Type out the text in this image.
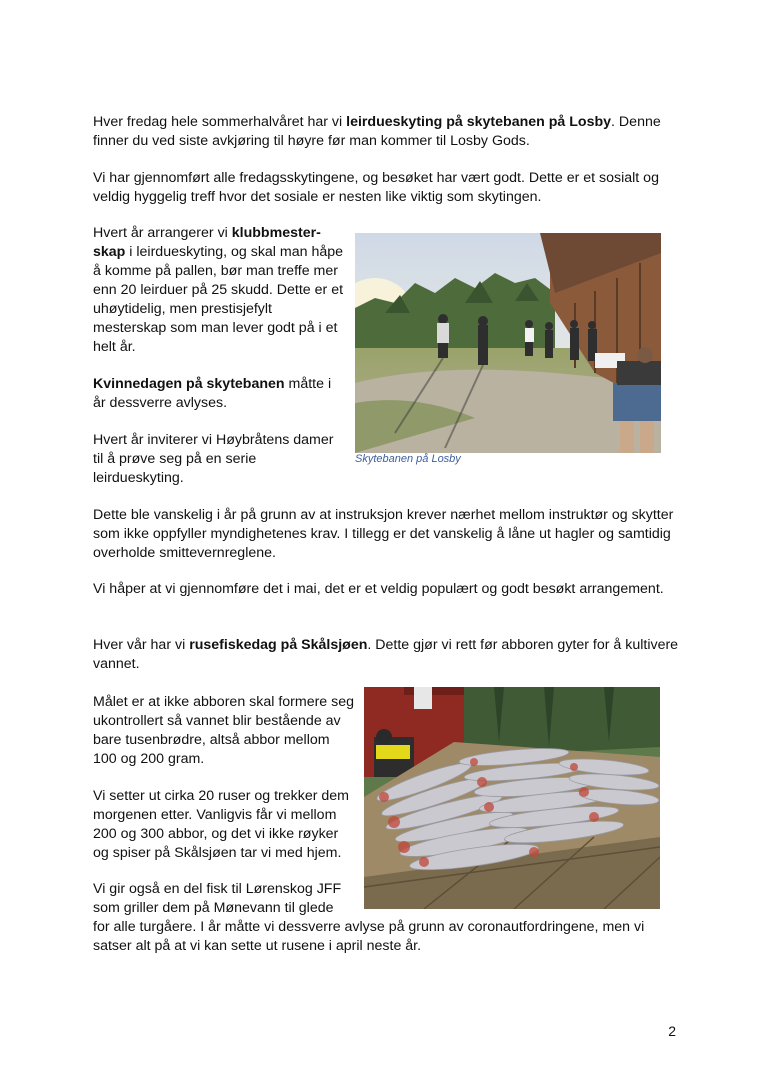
Hver fredag hele sommerhalvåret har vi leirdueskyting på skytebanen på Losby. Denne finner du ved siste avkjøring til høyre før man kommer til Losby Gods.

Vi har gjennomført alle fredagsskytingene, og besøket har vært godt. Dette er et sosialt og veldig hyggelig treff hvor det sosiale er nesten like viktig som skytingen.

Hvert år arrangerer vi klubbmester-skap i leirdueskyting, og skal man håpe å komme på pallen, bør man treffe mer enn 20 leirduer på 25 skudd. Dette er et uhøytidelig, men prestisjefylt mesterskap som man lever godt på i et helt år.

Kvinnedagen på skytebanen måtte i år dessverre avlyses.

Hvert år inviterer vi Høybråtens damer til å prøve seg på en serie leirdueskyting.

Skytebanen på Losby

Dette ble vanskelig i år på grunn av at instruksjon krever nærhet mellom instruktør og skytter som ikke oppfyller myndighetenes krav. I tillegg er det vanskelig å låne ut hagler og samtidig overholde smittevernreglene.

Vi håper at vi gjennomføre det i mai, det er et veldig populært og godt besøkt arrangement.

Hver vår har vi rusefiskedag på Skålsjøen. Dette gjør vi rett før abboren gyter for å kultivere vannet.

Målet er at ikke abboren skal formere seg ukontrollert så vannet blir bestående av bare tusenbrødre, altså abbor mellom 100 og 200 gram.

Vi setter ut cirka 20 ruser og trekker dem morgenen etter. Vanligvis får vi mellom 200 og 300 abbor, og det vi ikke røyker og spiser på Skålsjøen tar vi med hjem.

Vi gir også en del fisk til Lørenskog JFF

som griller dem på Mønevann til glede

for alle turgåere. I år måtte vi dessverre avlyse på grunn av coronautfordringene, men vi satser alt på at vi kan sette ut rusene i april neste år.

2
